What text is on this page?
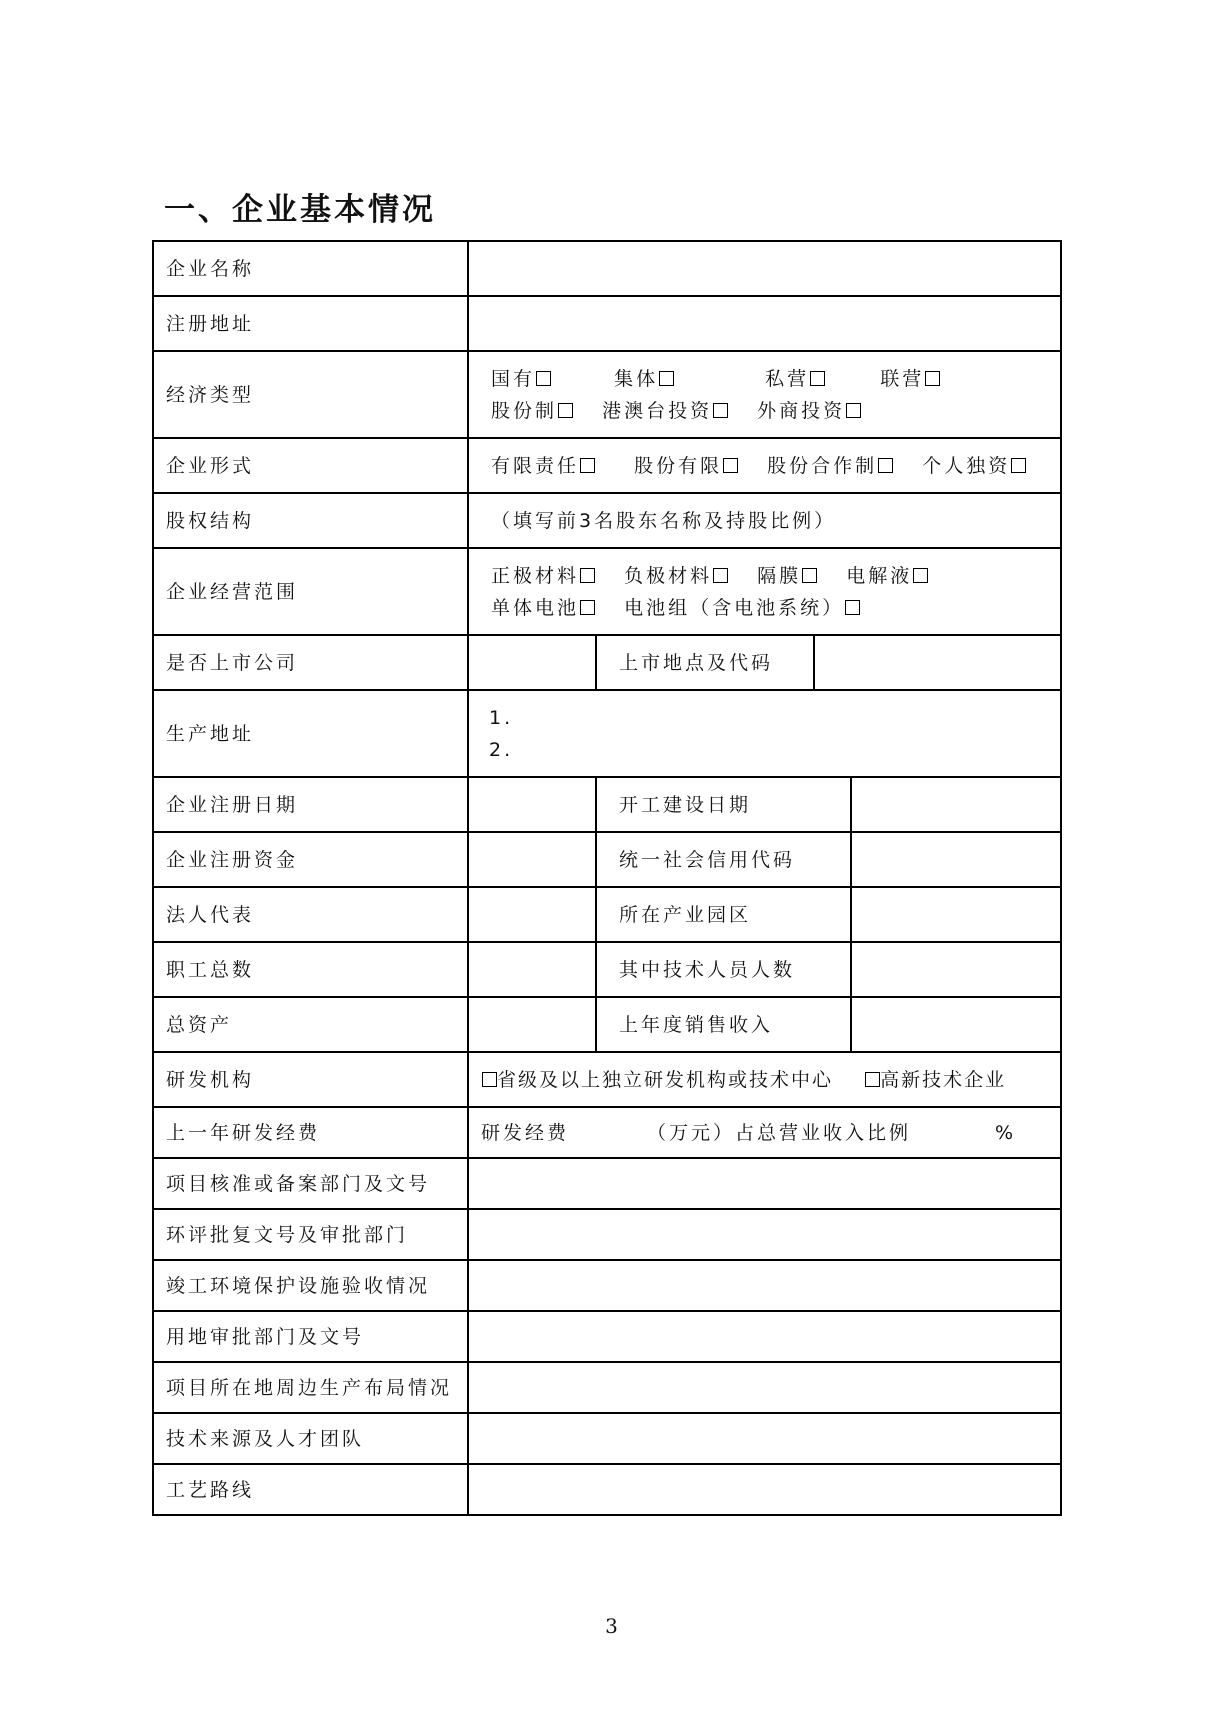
一、企业基本情况
企业名称				
注册地址				
经济类型	国有 集体 私营 联营
股份制 港澳台投资 外商投资			

企业形式	有限责任 股份有限 股份合作制 个人独资			
股权结构	（填写前3名股东名称及持股比例）			
企业经营范围	正极材料 负极材料 隔膜 电解液
单体电池 电池组（含电池系统）			

是否上市公司		上市地点及代码		
生产地址	1.
2.			

企业注册日期		开工建设日期		
企业注册资金		统一社会信用代码		
法人代表		所在产业园区		
职工总数		其中技术人员人数		
总资产		上年度销售收入		
研发机构	省级及以上独立研发机构或技术中心 高新技术企业			
上一年研发经费	研发经费 （万元）占总营业收入比例 %			
项目核准或备案部门及文号				
环评批复文号及审批部门				
竣工环境保护设施验收情况				
用地审批部门及文号				
项目所在地周边生产布局情况				
技术来源及人才团队				
工艺路线				
3
